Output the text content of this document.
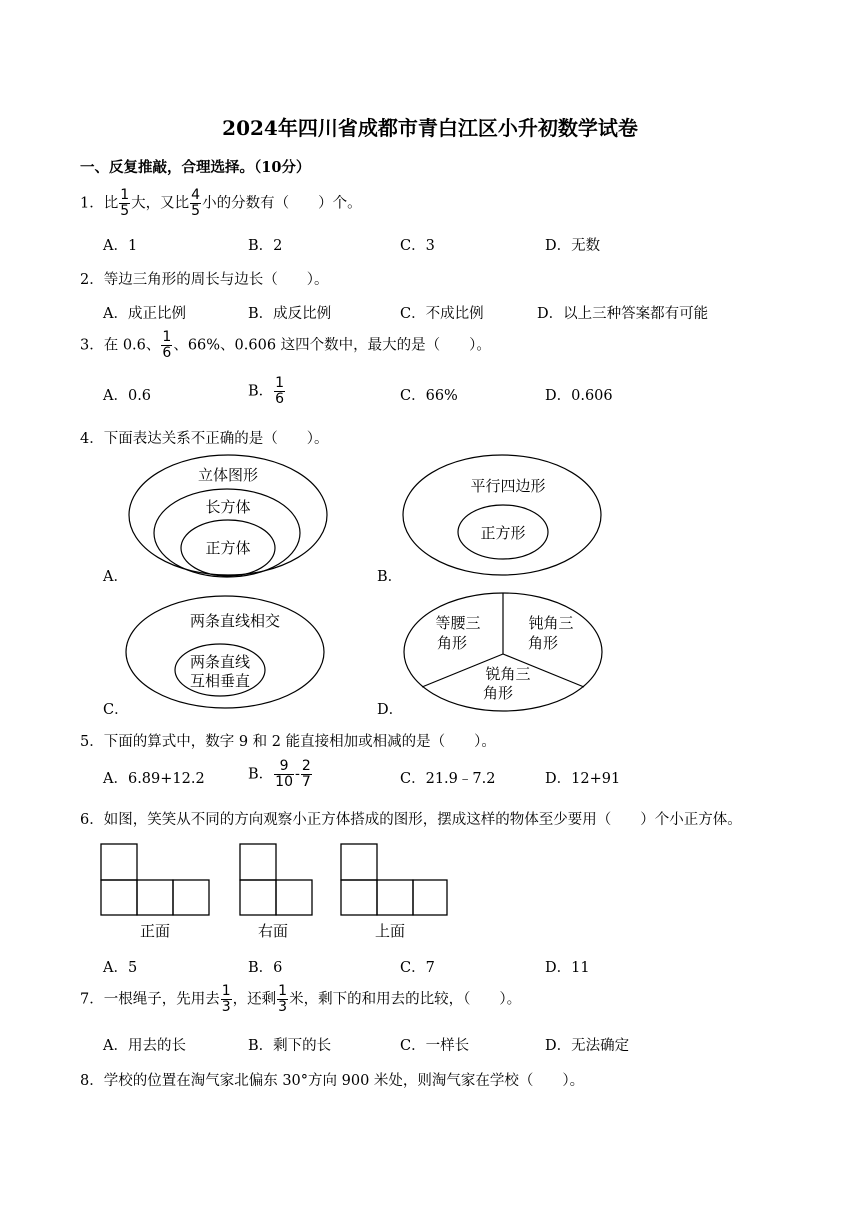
2024年四川省成都市青白江区小升初数学试卷
一、反复推敲，合理选择。（10分）
1．比 $\frac{1}{5}$ 大，又比 $\frac{4}{5}$ 小的分数有（　　）个。
A．1	B．2	C．3	D．无数
2．等边三角形的周长与边长（　　）。
A．成正比例	B．成反比例	C．不成比例	D．以上三种答案都有可能
3．在 0.6、 $\frac{1}{6}$ 、66%、0.606 这四个数中，最大的是（　　）。
A．0.6	B． $\frac{1}{6}$	C．66%	D．0.606
4．下面表达关系不正确的是（　　）。
立体图形
长方体
正方体
A．
平行四边形
正方形
B．
两条直线相交
两条直线
互相垂直
C．
等腰三
角形
钝角三
角形
锐角三
角形
D．
5．下面的算式中，数字 9 和 2 能直接相加或相减的是（　　）。
A．6.89+12.2	B． $\frac{9}{10} - \frac{2}{7}$	C．21.9﹣7.2	D．12+91
6．如图，笑笑从不同的方向观察小正方体搭成的图形，摆成这样的物体至少要用（　　）个小正方体。
正面	右面	上面
A．5	B．6	C．7	D．11
7．一根绳子，先用去 $\frac{1}{3}$ ，还剩 $\frac{1}{3}$ 米，剩下的和用去的比较，（　　）。
A．用去的长	B．剩下的长	C．一样长	D．无法确定
8．学校的位置在淘气家北偏东 30°方向 900 米处，则淘气家在学校（　　）。
